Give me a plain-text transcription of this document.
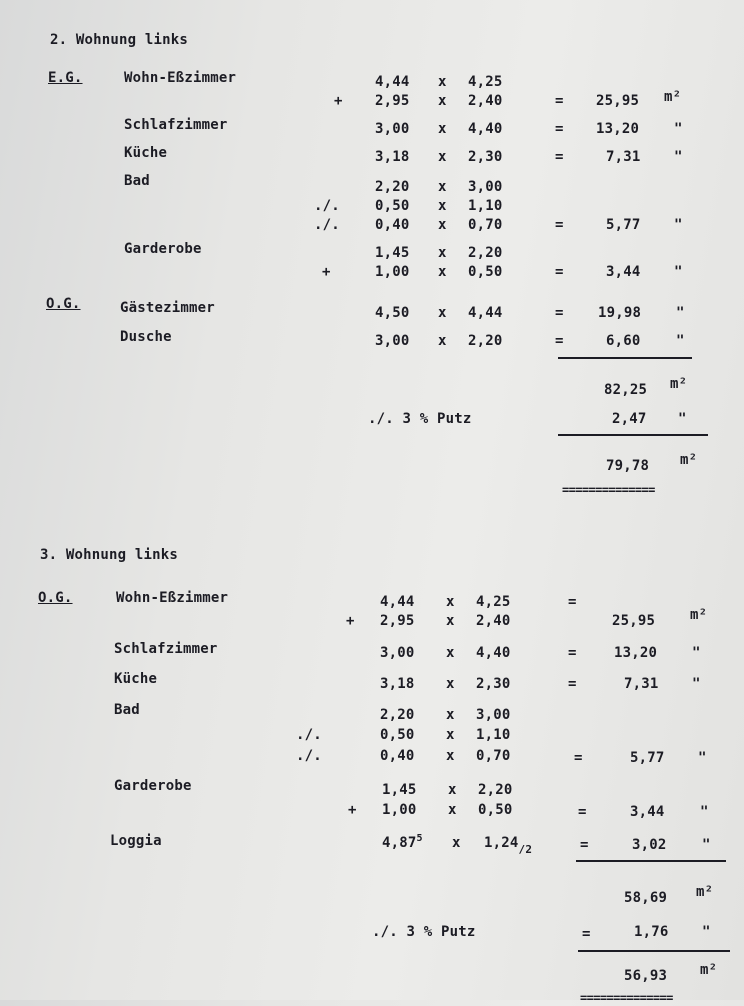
2. Wohnung links
E.G.	Wohn-Eßzimmer	4,44 x 4,25
+ 2,95 x 2,40	= 25,95 m²
Schlafzimmer	3,00 x 4,40	= 13,20 "
Küche	3,18 x 2,30	=	7,31 "
Bad	2,20 x 3,00
./.	0,50 x 1,10
./.	0,40 x 0,70	=	5,77 "
Garderobe	1,45 x 2,20
+	1,00 x 0,50	=	3,44 "
O.G.	Gästezimmer	4,50 x 4,44	= 19,98 "
Dusche	3,00 x 2,20	=	6,60	"
82,25 m²
./. 3 % Putz	2,47 "
79,78 m²
==============
3. Wohnung links
O.G.	Wohn-Eßzimmer	4,44 x 4,25	=
+ 2,95 x 2,40	25,95 m²
Schlafzimmer	3,00 x 4,40	=	13,20 "
Küche	3,18 x 2,30	=	7,31 "
Bad	2,20 x 3,00
./.	0,50 x 1,10
./.	0,40 x 0,70	=	5,77 "
Garderobe	1,45 x 2,20
+ 1,00 x 0,50	=	3,44	"
Loggia	4,87$^5$ x $1,24_{/2}$	=	3,02	"
58,69 m²
./. 3 % Putz	=	1,76 "
56,93 m²
==============
